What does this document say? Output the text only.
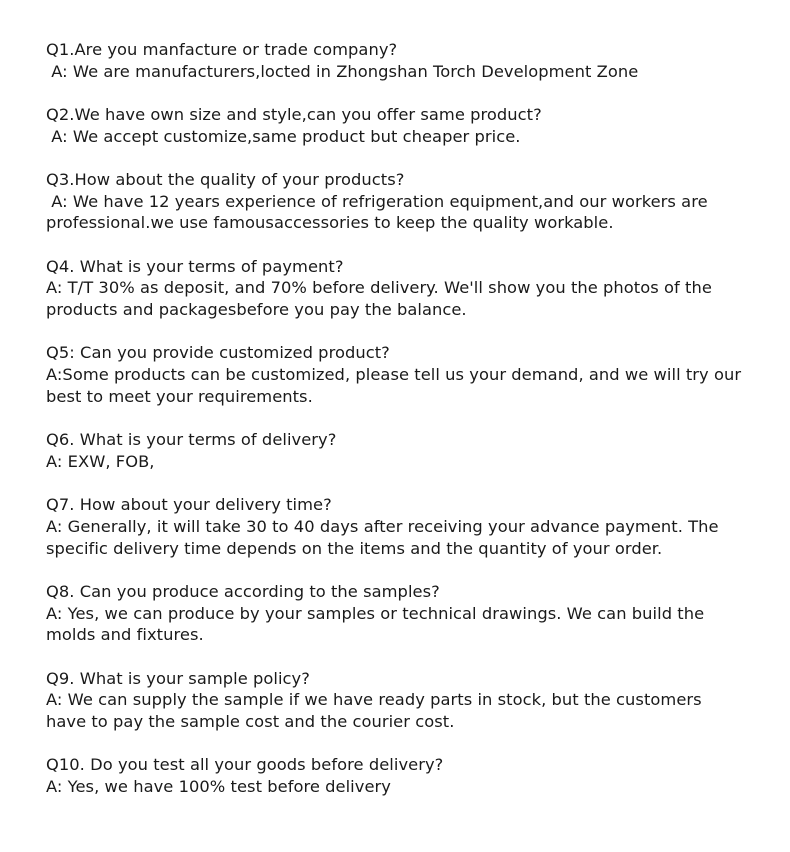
Q1.Are you manfacture or trade company?

A: We are manufacturers,locted in Zhongshan Torch Development Zone

Q2.We have own size and style,can you offer same product?

A: We accept customize,same product but cheaper price.

Q3.How about the quality of your products?

A: We have 12 years experience of refrigeration equipment,and our workers are professional.we use famousaccessories to keep the quality workable.

Q4. What is your terms of payment?

A: T/T 30% as deposit, and 70% before delivery. We'll show you the photos of the products and packagesbefore you pay the balance.

Q5: Can you provide customized product?

A:Some products can be customized, please tell us your demand, and we will try our best to meet your requirements.

Q6. What is your terms of delivery?

A: EXW, FOB,

Q7. How about your delivery time?

A: Generally, it will take 30 to 40 days after receiving your advance payment. The specific delivery time depends on the items and the quantity of your order.

Q8. Can you produce according to the samples?

A: Yes, we can produce by your samples or technical drawings. We can build the molds and fixtures.

Q9. What is your sample policy?

A: We can supply the sample if we have ready parts in stock, but the customers have to pay the sample cost and the courier cost.

Q10. Do you test all your goods before delivery?

A: Yes, we have 100% test before delivery
